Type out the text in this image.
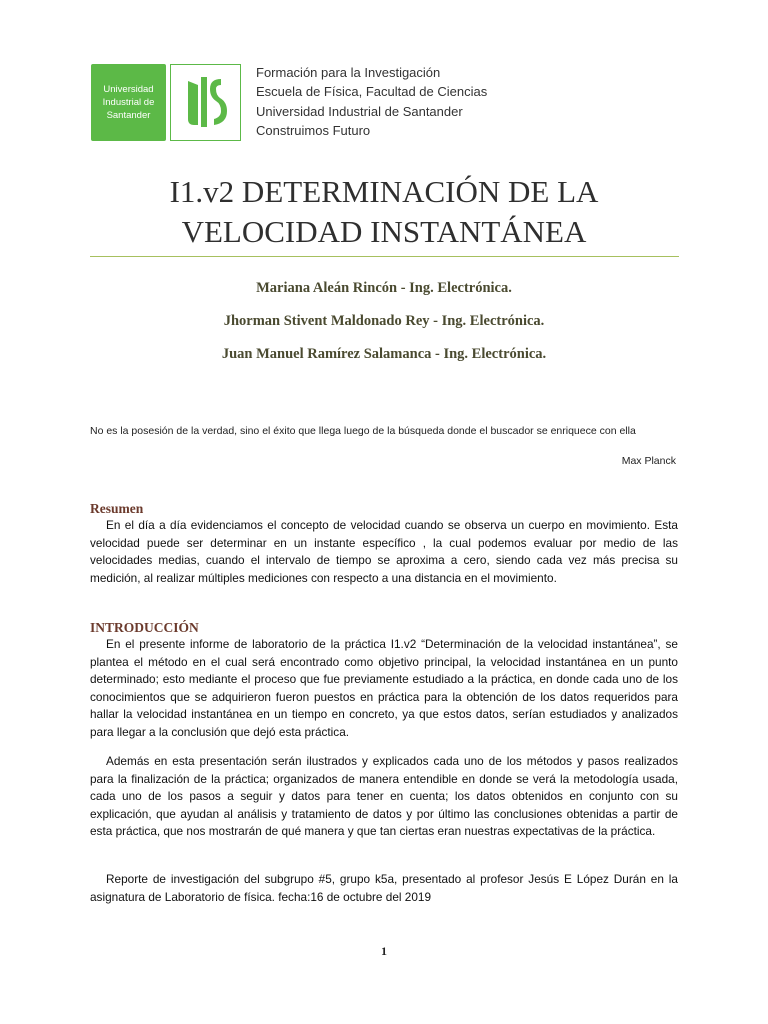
Universidad
Industrial de
Santander
Formación para la Investigación
Escuela de Física, Facultad de Ciencias
Universidad Industrial de Santander
Construimos Futuro
I1.v2 DETERMINACIÓN DE LA
VELOCIDAD INSTANTÁNEA
Mariana Aleán Rincón - Ing. Electrónica.
Jhorman Stivent Maldonado Rey - Ing. Electrónica.
Juan Manuel Ramírez Salamanca - Ing. Electrónica.
No es la posesión de la verdad, sino el éxito que llega luego de la búsqueda donde el buscador se enriquece con ella
Max Planck
Resumen

En el día a día evidenciamos el concepto de velocidad cuando se observa un cuerpo en movimiento. Esta velocidad puede ser determinar en un instante específico , la cual podemos evaluar por medio de las velocidades medias, cuando el intervalo de tiempo se aproxima a cero, siendo cada vez más precisa su medición, al realizar múltiples mediciones con respecto a una distancia en el movimiento.

INTRODUCCIÓN

En el presente informe de laboratorio de la práctica I1.v2 “Determinación de la velocidad instantánea”, se plantea el método en el cual será encontrado como objetivo principal, la velocidad instantánea en un punto determinado; esto mediante el proceso que fue previamente estudiado a la práctica, en donde cada uno de los conocimientos que se adquirieron fueron puestos en práctica para la obtención de los datos requeridos para hallar la velocidad instantánea en un tiempo en concreto, ya que estos datos, serían estudiados y analizados para llegar a la conclusión que dejó esta práctica.

Además en esta presentación serán ilustrados y explicados cada uno de los métodos y pasos realizados para la finalización de la práctica; organizados de manera entendible en donde se verá la metodología usada, cada uno de los pasos a seguir y datos para tener en cuenta; los datos obtenidos en conjunto con su explicación, que ayudan al análisis y tratamiento de datos y por último las conclusiones obtenidas a partir de esta práctica, que nos mostrarán de qué manera y que tan ciertas eran nuestras expectativas de la práctica.

Reporte de investigación del subgrupo #5, grupo k5a, presentado al profesor Jesús E López Durán en la asignatura de Laboratorio de física. fecha:16 de octubre del 2019

1
